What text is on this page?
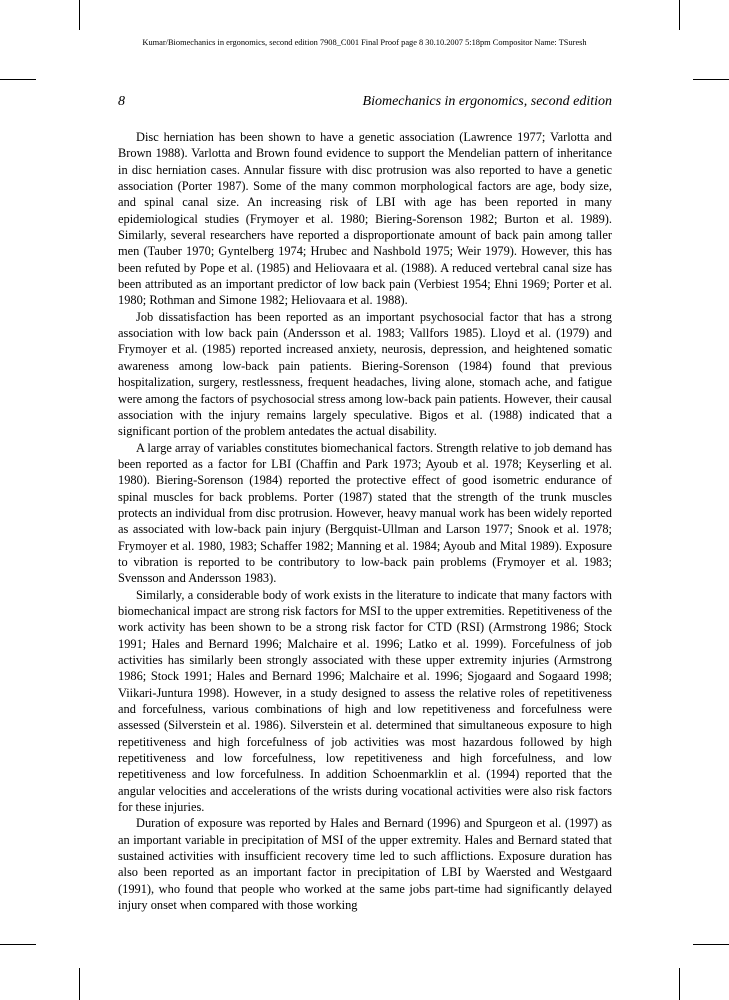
Kumar/Biomechanics in ergonomics, second edition 7908_C001 Final Proof page 8 30.10.2007 5:18pm Compositor Name: TSuresh
8	Biomechanics in ergonomics, second edition

Disc herniation has been shown to have a genetic association (Lawrence 1977; Varlotta and Brown 1988). Varlotta and Brown found evidence to support the Mendelian pattern of inheritance in disc herniation cases. Annular fissure with disc protrusion was also reported to have a genetic association (Porter 1987). Some of the many common morphological factors are age, body size, and spinal canal size. An increasing risk of LBI with age has been reported in many epidemiological studies (Frymoyer et al. 1980; Biering-Sorenson 1982; Burton et al. 1989). Similarly, several researchers have reported a disproportionate amount of back pain among taller men (Tauber 1970; Gyntelberg 1974; Hrubec and Nashbold 1975; Weir 1979). However, this has been refuted by Pope et al. (1985) and Heliovaara et al. (1988). A reduced vertebral canal size has been attributed as an important predictor of low back pain (Verbiest 1954; Ehni 1969; Porter et al. 1980; Rothman and Simone 1982; Heliovaara et al. 1988).

Job dissatisfaction has been reported as an important psychosocial factor that has a strong association with low back pain (Andersson et al. 1983; Vallfors 1985). Lloyd et al. (1979) and Frymoyer et al. (1985) reported increased anxiety, neurosis, depression, and heightened somatic awareness among low-back pain patients. Biering-Sorenson (1984) found that previous hospitalization, surgery, restlessness, frequent headaches, living alone, stomach ache, and fatigue were among the factors of psychosocial stress among low-back pain patients. However, their causal association with the injury remains largely speculative. Bigos et al. (1988) indicated that a significant portion of the problem antedates the actual disability.

A large array of variables constitutes biomechanical factors. Strength relative to job demand has been reported as a factor for LBI (Chaffin and Park 1973; Ayoub et al. 1978; Keyserling et al. 1980). Biering-Sorenson (1984) reported the protective effect of good isometric endurance of spinal muscles for back problems. Porter (1987) stated that the strength of the trunk muscles protects an individual from disc protrusion. However, heavy manual work has been widely reported as associated with low-back pain injury (Bergquist-Ullman and Larson 1977; Snook et al. 1978; Frymoyer et al. 1980, 1983; Schaffer 1982; Manning et al. 1984; Ayoub and Mital 1989). Exposure to vibration is reported to be contributory to low-back pain problems (Frymoyer et al. 1983; Svensson and Andersson 1983).

Similarly, a considerable body of work exists in the literature to indicate that many factors with biomechanical impact are strong risk factors for MSI to the upper extremities. Repetitiveness of the work activity has been shown to be a strong risk factor for CTD (RSI) (Armstrong 1986; Stock 1991; Hales and Bernard 1996; Malchaire et al. 1996; Latko et al. 1999). Forcefulness of job activities has similarly been strongly associated with these upper extremity injuries (Armstrong 1986; Stock 1991; Hales and Bernard 1996; Malchaire et al. 1996; Sjogaard and Sogaard 1998; Viikari-Juntura 1998). However, in a study designed to assess the relative roles of repetitiveness and forcefulness, various combinations of high and low repetitiveness and forcefulness were assessed (Silverstein et al. 1986). Silverstein et al. determined that simultaneous exposure to high repetitiveness and high forcefulness of job activities was most hazardous followed by high repetitiveness and low forcefulness, low repetitiveness and high forcefulness, and low repetitiveness and low forcefulness. In addition Schoenmarklin et al. (1994) reported that the angular velocities and accelerations of the wrists during vocational activities were also risk factors for these injuries.

Duration of exposure was reported by Hales and Bernard (1996) and Spurgeon et al. (1997) as an important variable in precipitation of MSI of the upper extremity. Hales and Bernard stated that sustained activities with insufficient recovery time led to such afflictions. Exposure duration has also been reported as an important factor in precipitation of LBI by Waersted and Westgaard (1991), who found that people who worked at the same jobs part-time had significantly delayed injury onset when compared with those working
